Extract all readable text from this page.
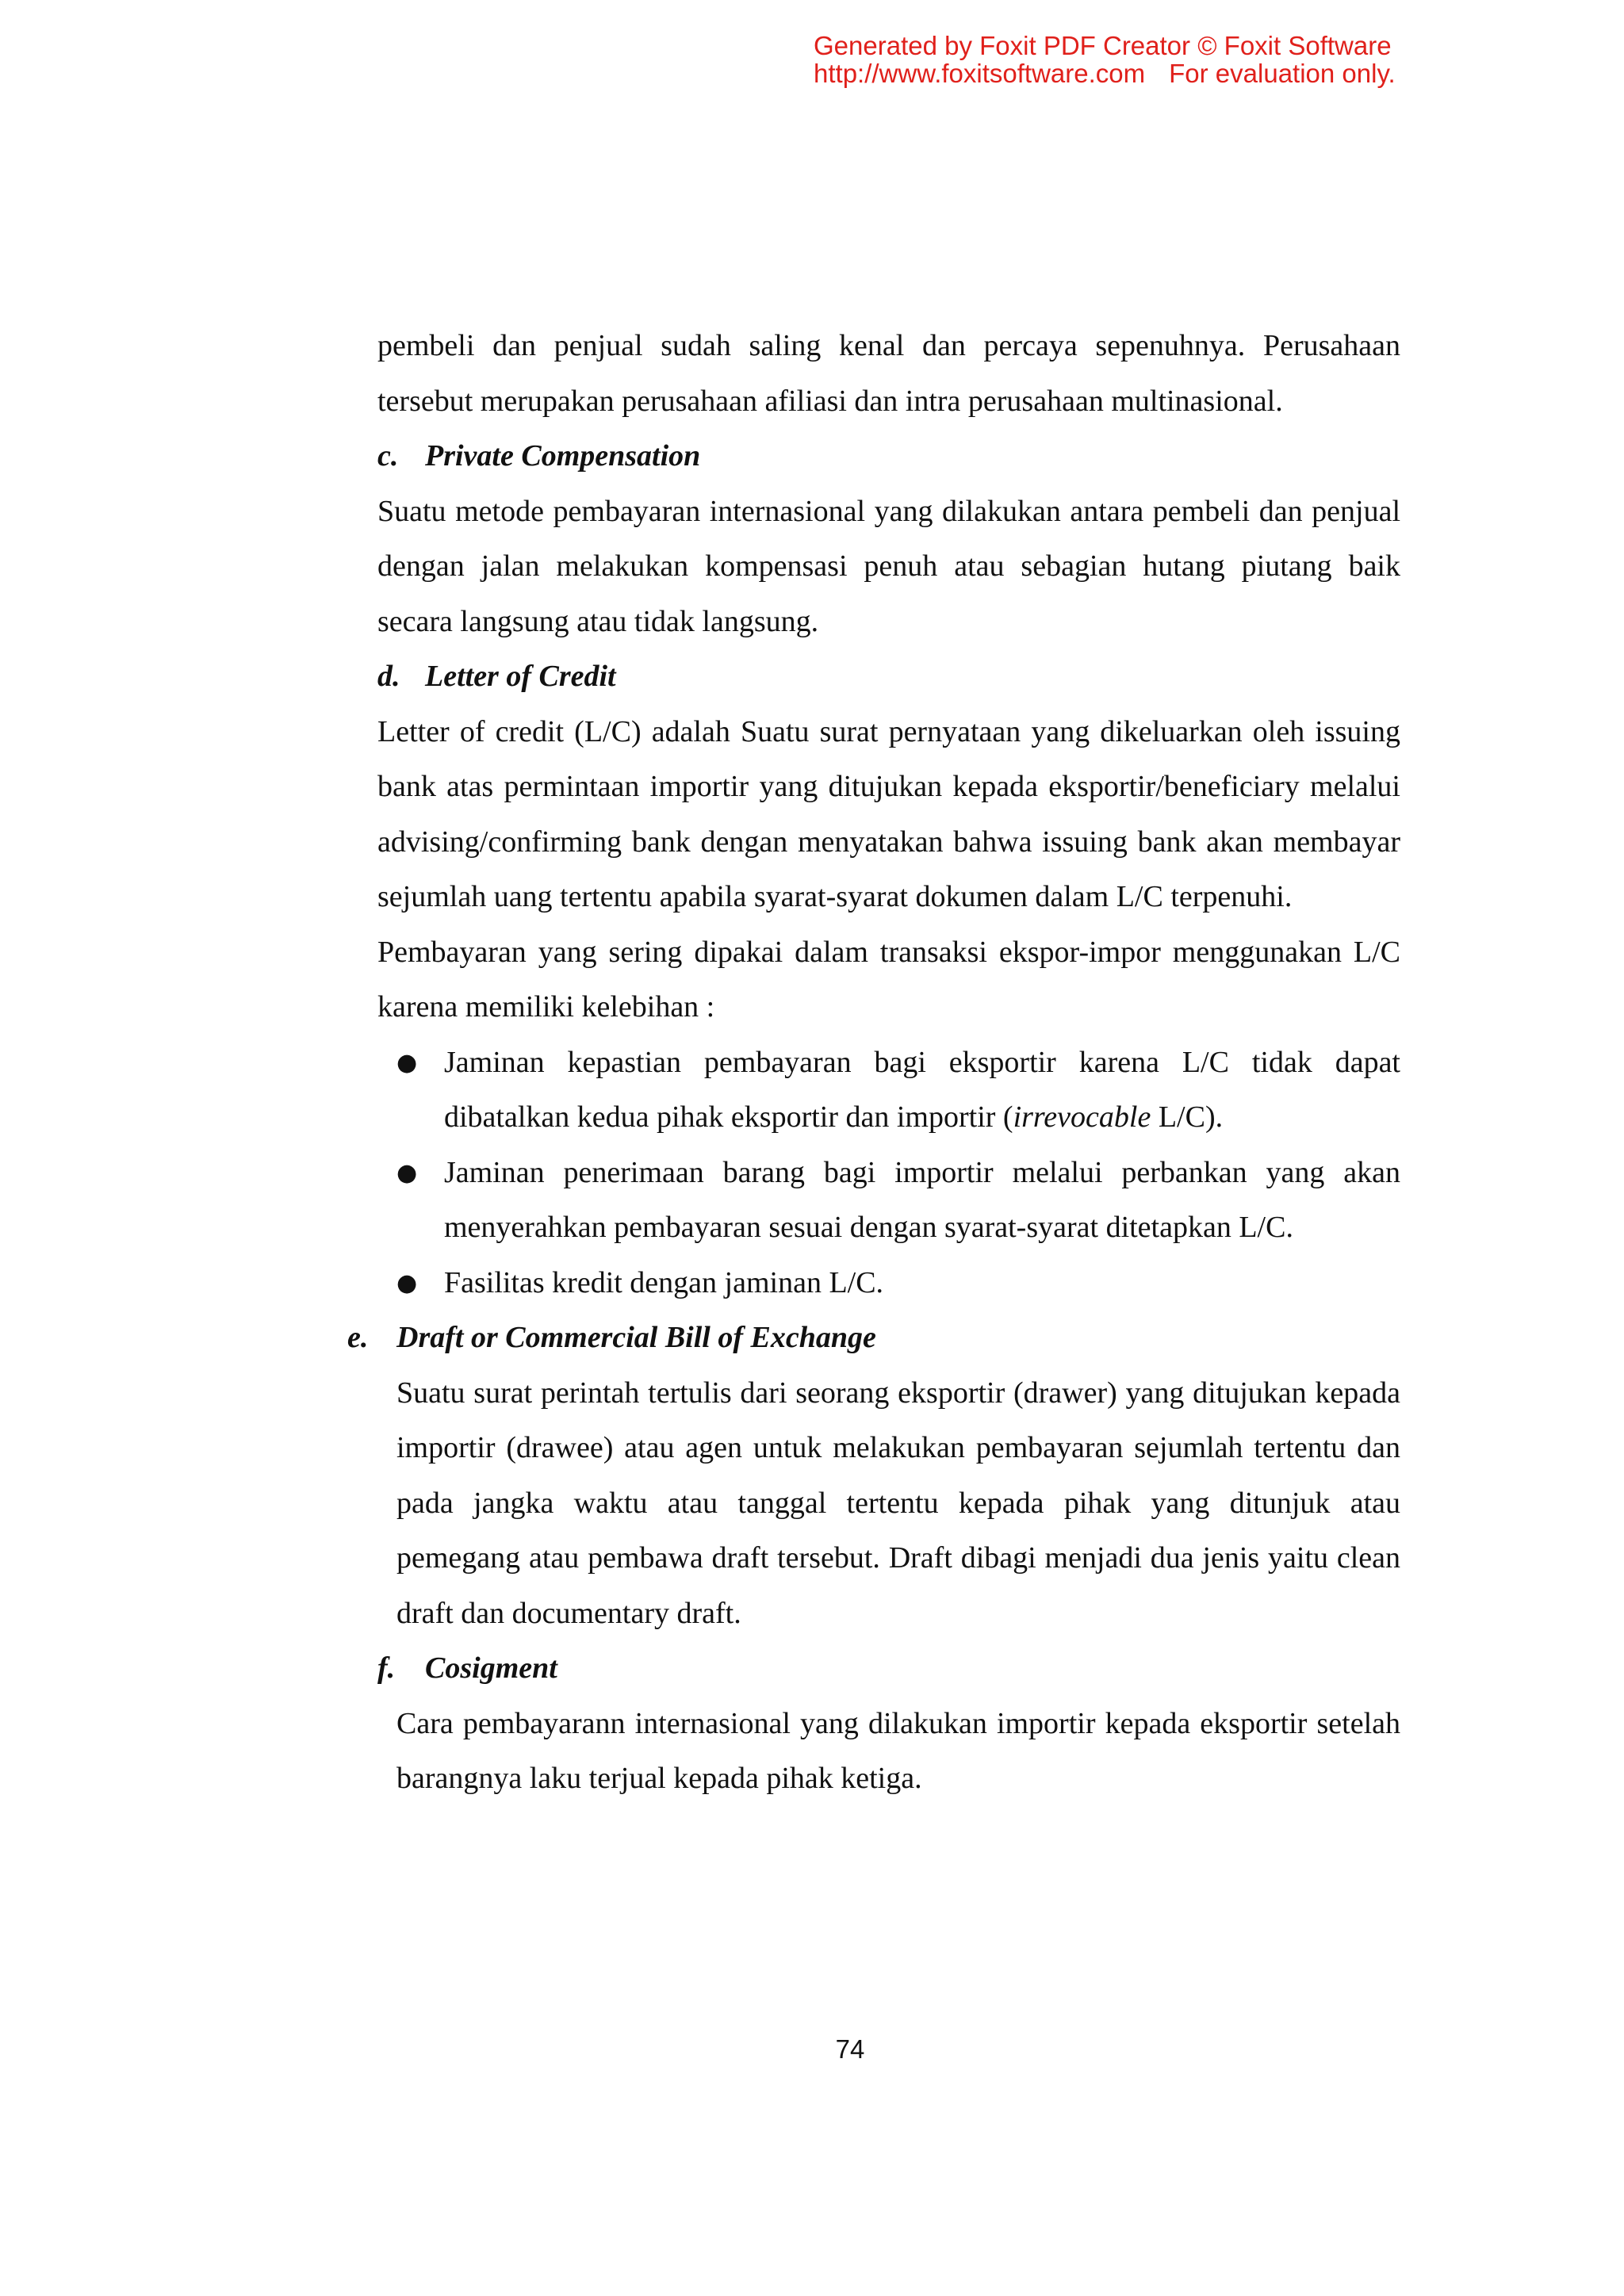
Generated by Foxit PDF Creator © Foxit Software
http://www.foxitsoftware.com For evaluation only.

pembeli dan penjual sudah saling kenal dan percaya sepenuhnya. Perusahaan tersebut merupakan perusahaan afiliasi dan intra perusahaan multinasional.

c. Private Compensation

Suatu metode pembayaran internasional yang dilakukan antara pembeli dan penjual dengan jalan melakukan kompensasi penuh atau sebagian hutang piutang baik secara langsung atau tidak langsung.

d. Letter of Credit

Letter of credit (L/C) adalah Suatu surat pernyataan yang dikeluarkan oleh issuing bank atas permintaan importir yang ditujukan kepada eksportir/beneficiary melalui advising/confirming bank dengan menyatakan bahwa issuing bank akan membayar sejumlah uang tertentu apabila syarat-syarat dokumen dalam L/C terpenuhi.

Pembayaran yang sering dipakai dalam transaksi ekspor-impor menggunakan L/C karena memiliki kelebihan :

● Jaminan kepastian pembayaran bagi eksportir karena L/C tidak dapat dibatalkan kedua pihak eksportir dan importir (irrevocable L/C).
● Jaminan penerimaan barang bagi importir melalui perbankan yang akan menyerahkan pembayaran sesuai dengan syarat-syarat ditetapkan L/C.
● Fasilitas kredit dengan jaminan L/C.
e. Draft or Commercial Bill of Exchange

Suatu surat perintah tertulis dari seorang eksportir (drawer) yang ditujukan kepada importir (drawee) atau agen untuk melakukan pembayaran sejumlah tertentu dan pada jangka waktu atau tanggal tertentu kepada pihak yang ditunjuk atau pemegang atau pembawa draft tersebut. Draft dibagi menjadi dua jenis yaitu clean draft dan documentary draft.

f. Cosigment

Cara pembayarann internasional yang dilakukan importir kepada eksportir setelah barangnya laku terjual kepada pihak ketiga.

74
